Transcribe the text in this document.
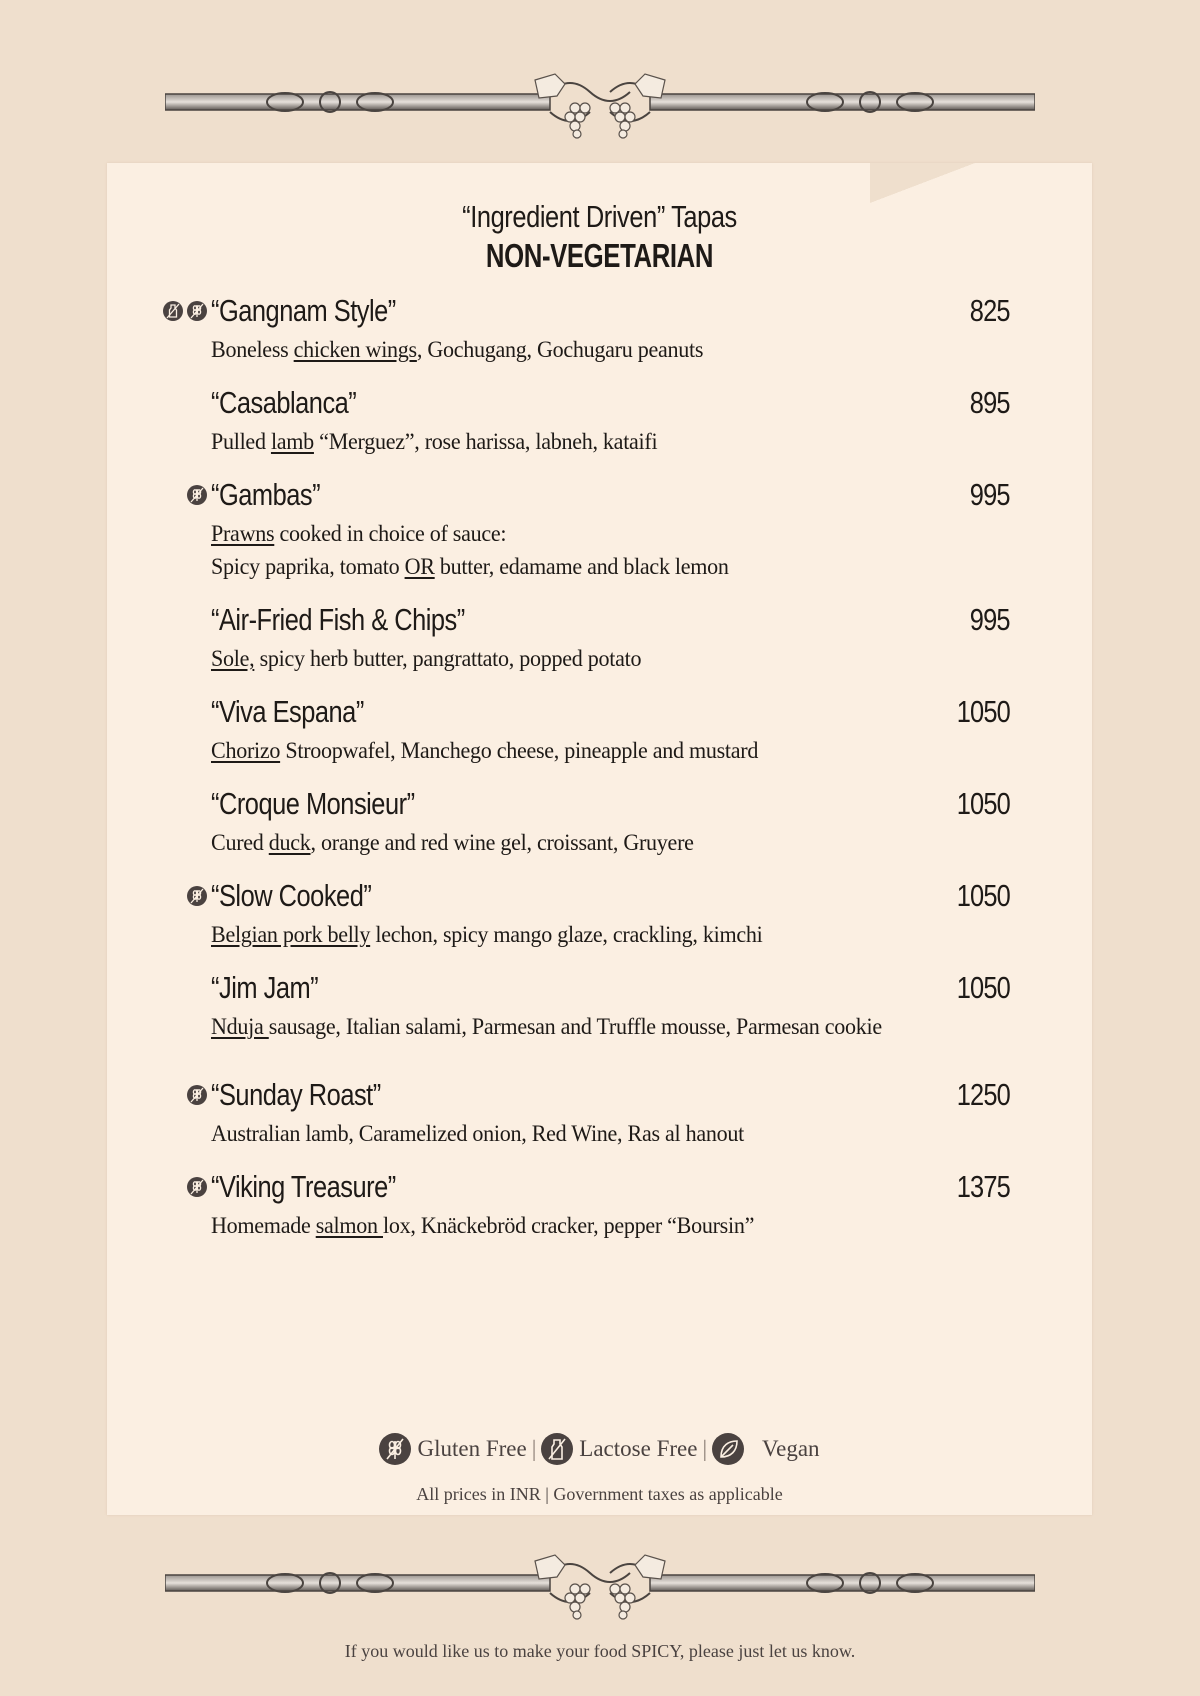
“Ingredient Driven” Tapas
NON-VEGETARIAN
“Gangnam Style”	825
Boneless chicken wings, Gochugang, Gochugaru peanuts
“Casablanca”	895
Pulled lamb “Merguez”, rose harissa, labneh, kataifi
“Gambas”	995
Prawns cooked in choice of sauce:
Spicy paprika, tomato OR butter, edamame and black lemon
“Air-Fried Fish & Chips”	995
Sole, spicy herb butter, pangrattato, popped potato
“Viva Espana”	1050
Chorizo Stroopwafel, Manchego cheese, pineapple and mustard
“Croque Monsieur”	1050
Cured duck, orange and red wine gel, croissant, Gruyere
“Slow Cooked”	1050
Belgian pork belly lechon, spicy mango glaze, crackling, kimchi
“Jim Jam”	1050
Nduja sausage, Italian salami, Parmesan and Truffle mousse, Parmesan cookie
“Sunday Roast”	1250
Australian lamb, Caramelized onion, Red Wine, Ras al hanout
“Viking Treasure”	1375
Homemade salmon lox, Knäckebröd cracker, pepper “Boursin”
Gluten Free | Lactose Free | Vegan
All prices in INR | Government taxes as applicable
If you would like us to make your food SPICY, please just let us know.
